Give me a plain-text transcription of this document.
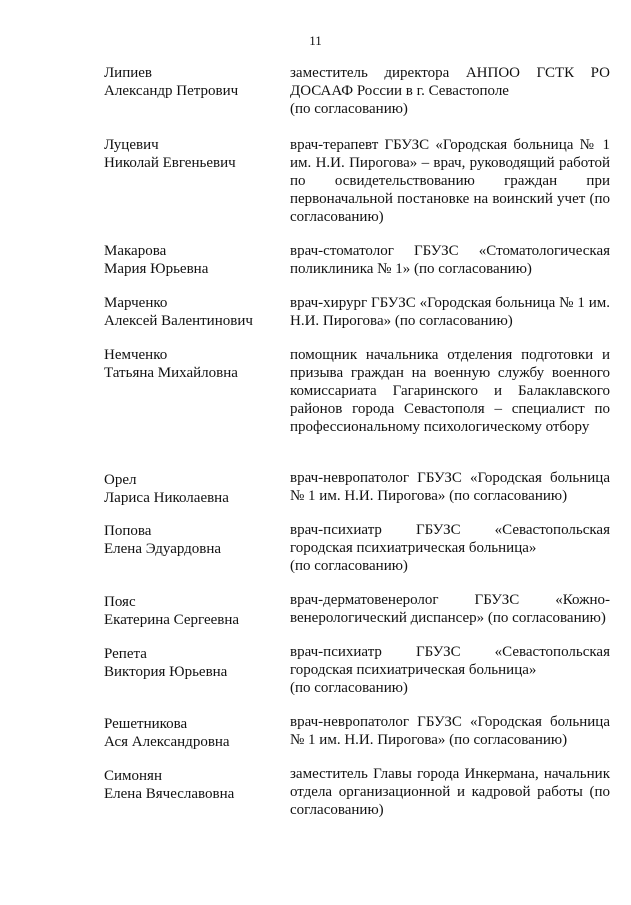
11
Липиев
Александр Петрович
заместитель директора АНПОО ГСТК РО ДОСААФ России в г. Севастополе
(по согласованию)
Луцевич
Николай Евгеньевич
врач-терапевт ГБУЗС «Городская больница № 1 им. Н.И. Пирогова» – врач, руководящий работой по освидетельствованию граждан при первоначальной постановке на воинский учет (по согласованию)
Макарова
Мария Юрьевна
врач-стоматолог ГБУЗС «Стоматологическая поликлиника № 1» (по согласованию)
Марченко
Алексей Валентинович
врач-хирург ГБУЗС «Городская больница № 1 им. Н.И. Пирогова» (по согласованию)
Немченко
Татьяна Михайловна
помощник начальника отделения подготовки и призыва граждан на военную службу военного комиссариата Гагаринского и Балаклавского районов города Севастополя – специалист по профессиональному психологическому отбору
Орел
Лариса Николаевна
врач-невропатолог ГБУЗС «Городская больница № 1 им. Н.И. Пирогова» (по согласованию)
Попова
Елена Эдуардовна
врач-психиатр ГБУЗС «Севастопольская городская психиатрическая больница»
(по согласованию)
Пояс
Екатерина Сергеевна
врач-дерматовенеролог ГБУЗС «Кожно-венерологический диспансер» (по согласованию)
Репета
Виктория Юрьевна
врач-психиатр ГБУЗС «Севастопольская городская психиатрическая больница»
(по согласованию)
Решетникова
Ася Александровна
врач-невропатолог ГБУЗС «Городская больница № 1 им. Н.И. Пирогова» (по согласованию)
Симонян
Елена Вячеславовна
заместитель Главы города Инкермана, начальник отдела организационной и кадровой работы (по согласованию)
